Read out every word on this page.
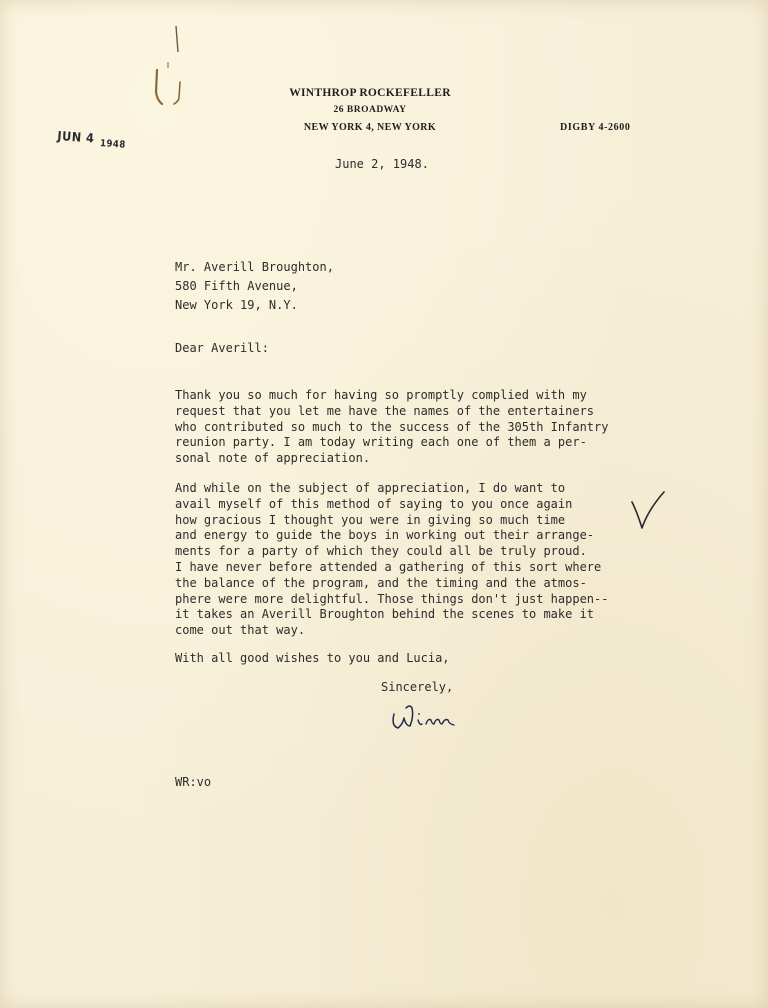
WINTHROP ROCKEFELLER
26 BROADWAY
NEW YORK 4, NEW YORK	DIGBY 4-2600
JUN 4 $_{1948}$
June 2, 1948.
Mr. Averill Broughton,
580 Fifth Avenue,
New York 19, N.Y.
Dear Averill:
Thank you so much for having so promptly complied with my
request that you let me have the names of the entertainers
who contributed so much to the success of the 305th Infantry
reunion party. I am today writing each one of them a per-
sonal note of appreciation.
And while on the subject of appreciation, I do want to
avail myself of this method of saying to you once again
how gracious I thought you were in giving so much time
and energy to guide the boys in working out their arrange-
ments for a party of which they could all be truly proud.
I have never before attended a gathering of this sort where
the balance of the program, and the timing and the atmos-
phere were more delightful. Those things don't just happen--
it takes an Averill Broughton behind the scenes to make it
come out that way.
With all good wishes to you and Lucia,
Sincerely,
WR:vo
